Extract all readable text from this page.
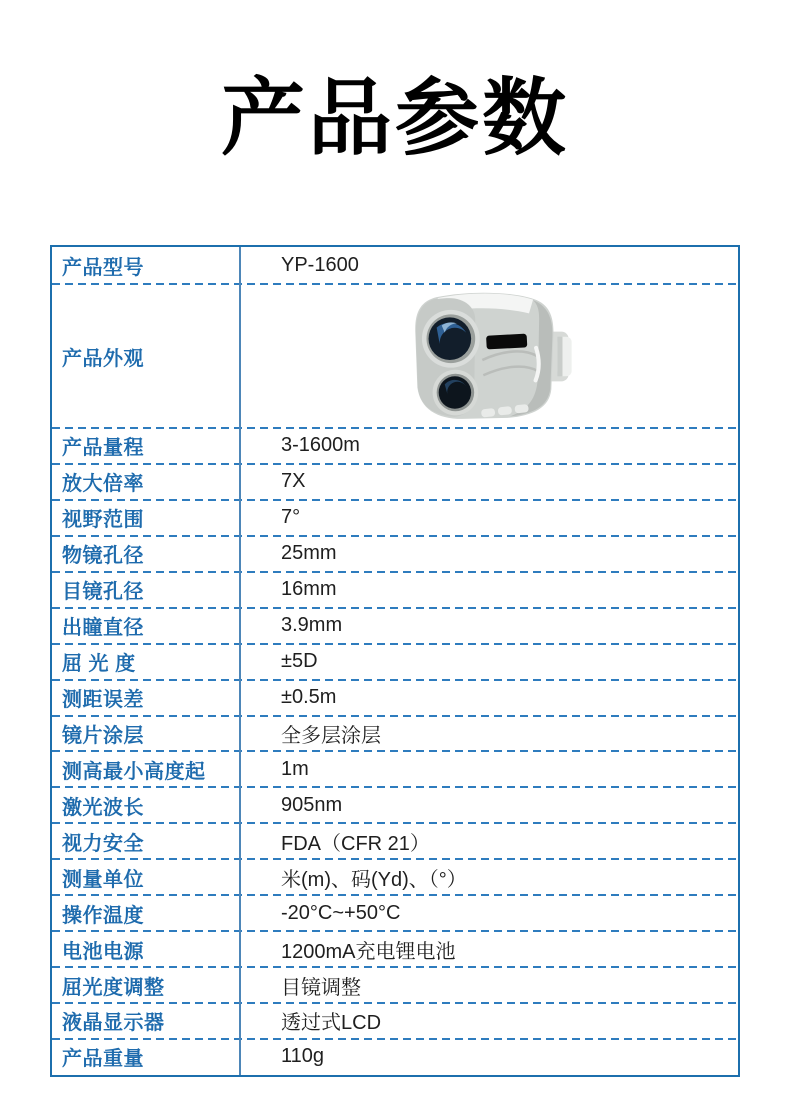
产品参数
产品型号	YP-1600
产品外观
产品量程	3-1600m
放大倍率	7X
视野范围	7°
物镜孔径	25mm
目镜孔径	16mm
出瞳直径	3.9mm
屈 光 度	±5D
测距误差	±0.5m
镜片涂层	全多层涂层
测高最小高度起	1m
激光波长	905nm
视力安全	FDA（CFR 21）
测量单位	米(m)、码(Yd)、（°）
操作温度	-20°C~+50°C
电池电源	1200mA充电锂电池
屈光度调整	目镜调整
液晶显示器	透过式LCD
产品重量	110g
